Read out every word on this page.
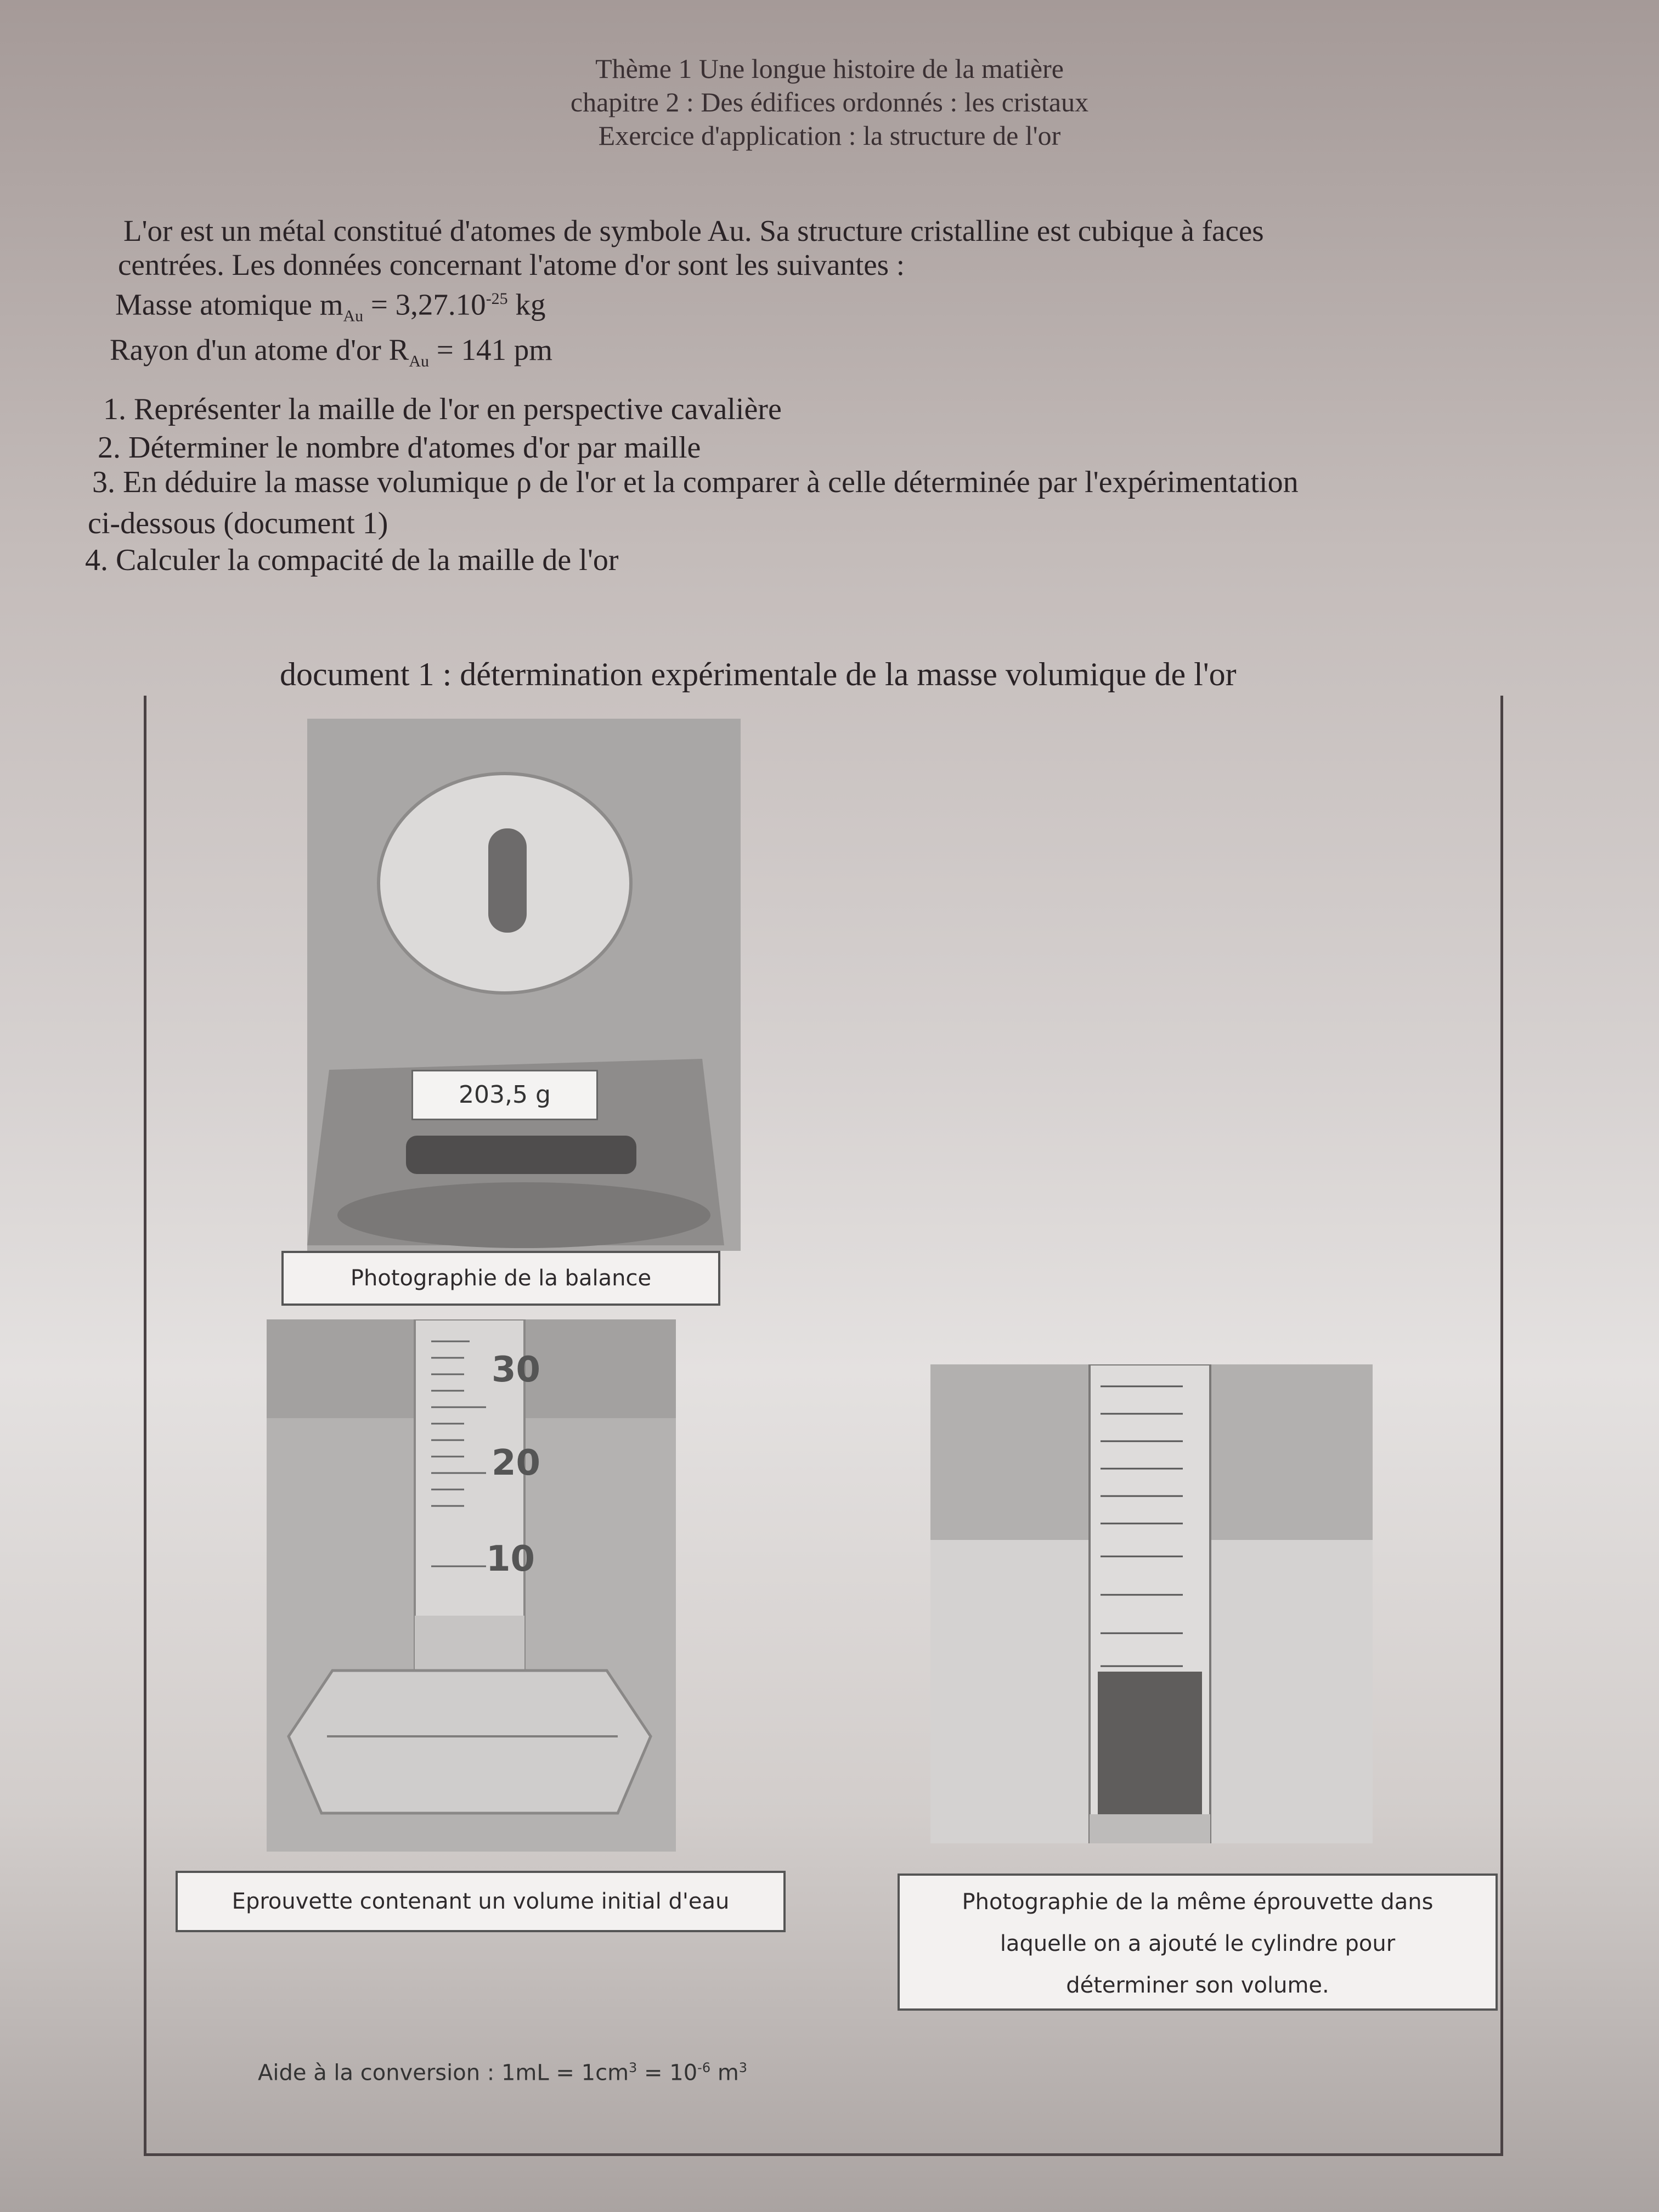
Thème 1 Une longue histoire de la matière
chapitre 2 : Des édifices ordonnés : les cristaux
Exercice d'application : la structure de l'or
L'or est un métal constitué d'atomes de symbole Au. Sa structure cristalline est cubique à faces
centrées. Les données concernant l'atome d'or sont les suivantes :
Masse atomique $m_{Au} = 3,27.10^{-25}$ kg
Rayon d'un atome d'or $R_{Au} = 141$ pm
1. Représenter la maille de l'or en perspective cavalière
2. Déterminer le nombre d'atomes d'or par maille
3. En déduire la masse volumique ρ de l'or et la comparer à celle déterminée par l'expérimentation
ci-dessous (document 1)
4. Calculer la compacité de la maille de l'or
document 1 : détermination expérimentale de la masse volumique de l'or
203,5 g
Photographie de la balance
30
20
10
Eprouvette contenant un volume initial d'eau	Photographie de la même éprouvette dans
laquelle on a ajouté le cylindre pour
déterminer son volume.
Aide à la conversion : $1mL = 1cm^3 = 10^{-6}$ $m^3$
